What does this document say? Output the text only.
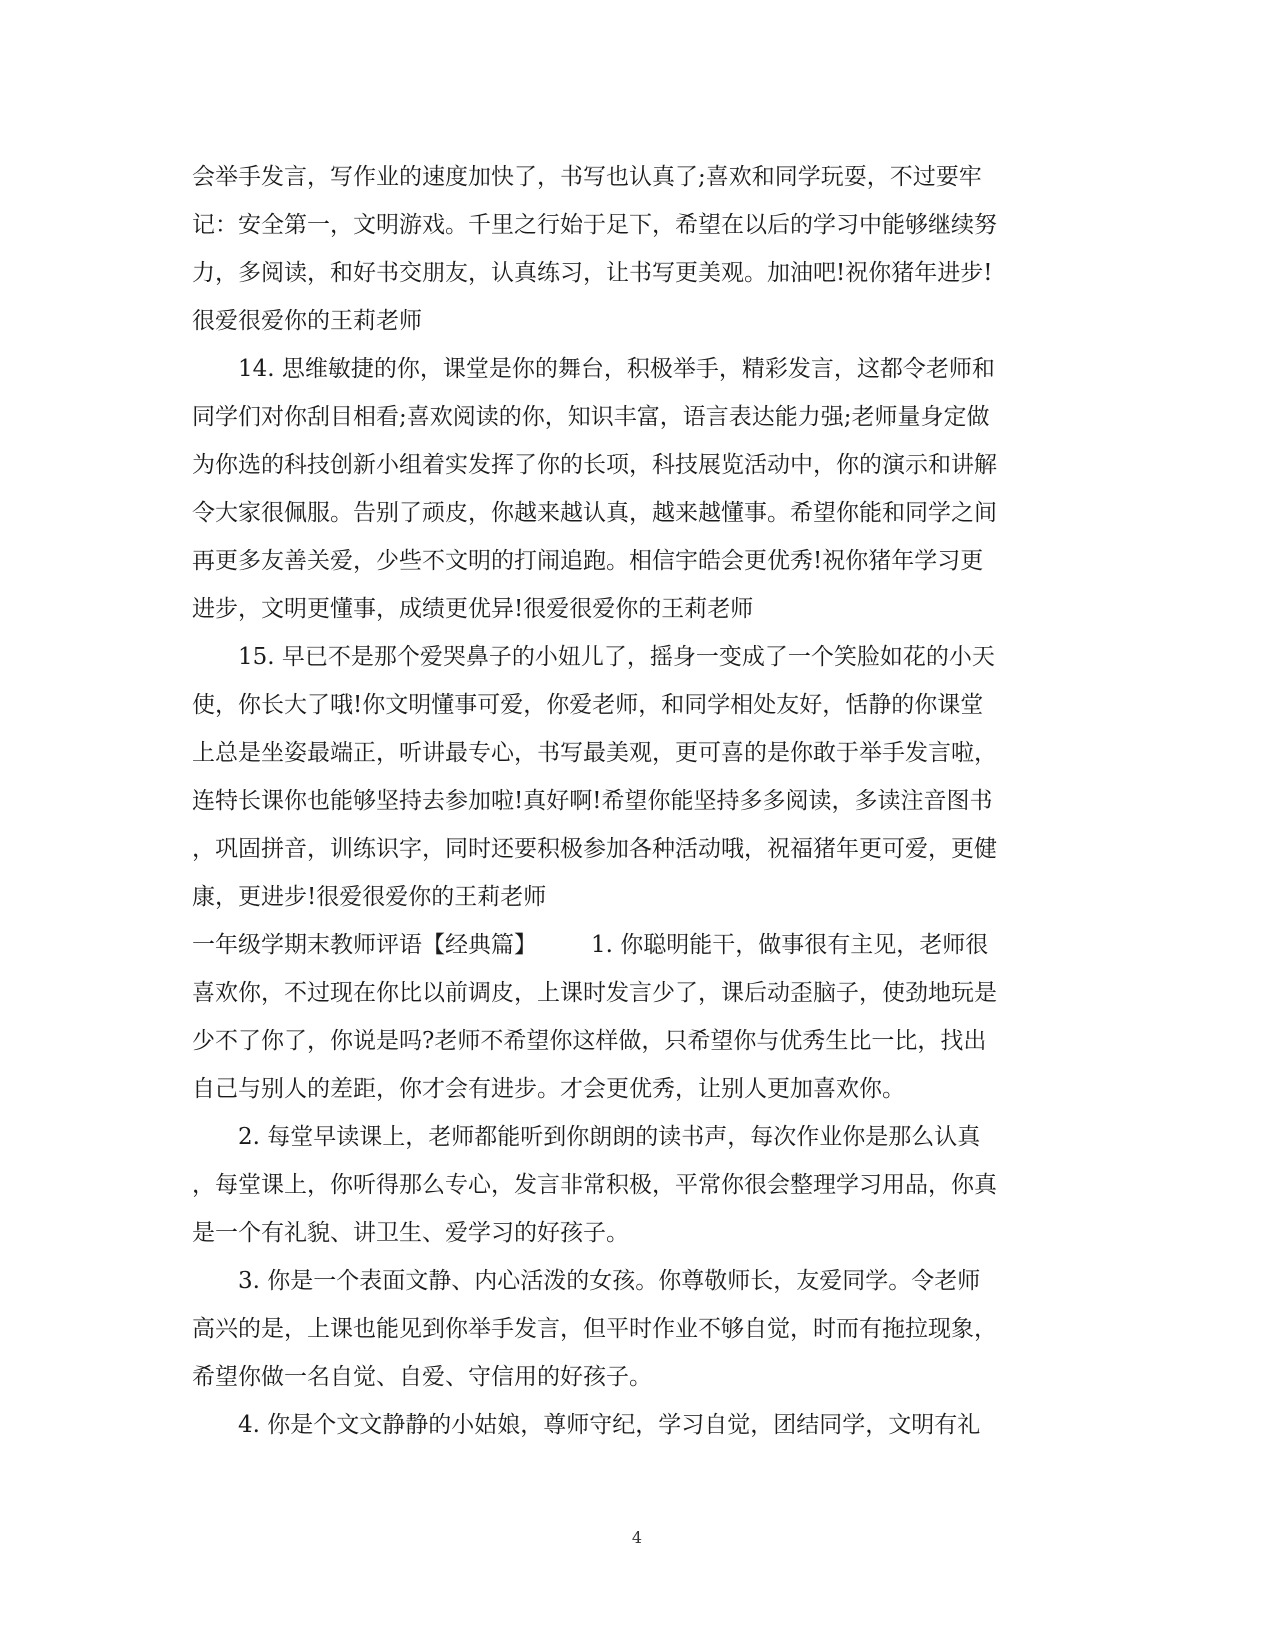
会举手发言，写作业的速度加快了，书写也认真了;喜欢和同学玩耍，不过要牢
记：安全第一，文明游戏。千里之行始于足下，希望在以后的学习中能够继续努
力，多阅读，和好书交朋友，认真练习，让书写更美观。加油吧!祝你猪年进步!
很爱很爱你的王莉老师

14. 思维敏捷的你，课堂是你的舞台，积极举手，精彩发言，这都令老师和
同学们对你刮目相看;喜欢阅读的你，知识丰富，语言表达能力强;老师量身定做
为你选的科技创新小组着实发挥了你的长项，科技展览活动中，你的演示和讲解
令大家很佩服。告别了顽皮，你越来越认真，越来越懂事。希望你能和同学之间
再更多友善关爱，少些不文明的打闹追跑。相信宇皓会更优秀!祝你猪年学习更
进步，文明更懂事，成绩更优异!很爱很爱你的王莉老师

15. 早已不是那个爱哭鼻子的小妞儿了，摇身一变成了一个笑脸如花的小天
使，你长大了哦!你文明懂事可爱，你爱老师，和同学相处友好，恬静的你课堂
上总是坐姿最端正，听讲最专心，书写最美观，更可喜的是你敢于举手发言啦，
连特长课你也能够坚持去参加啦!真好啊!希望你能坚持多多阅读，多读注音图书
，巩固拼音，训练识字，同时还要积极参加各种活动哦，祝福猪年更可爱，更健
康，更进步!很爱很爱你的王莉老师

一年级学期末教师评语【经典篇】 1. 你聪明能干，做事很有主见，老师很
喜欢你，不过现在你比以前调皮，上课时发言少了，课后动歪脑子，使劲地玩是
少不了你了，你说是吗?老师不希望你这样做，只希望你与优秀生比一比，找出
自己与别人的差距，你才会有进步。才会更优秀，让别人更加喜欢你。

2. 每堂早读课上，老师都能听到你朗朗的读书声，每次作业你是那么认真
，每堂课上，你听得那么专心，发言非常积极，平常你很会整理学习用品，你真
是一个有礼貌、讲卫生、爱学习的好孩子。

3. 你是一个表面文静、内心活泼的女孩。你尊敬师长，友爱同学。令老师
高兴的是，上课也能见到你举手发言，但平时作业不够自觉，时而有拖拉现象，
希望你做一名自觉、自爱、守信用的好孩子。

4. 你是个文文静静的小姑娘，尊师守纪，学习自觉，团结同学，文明有礼

4
